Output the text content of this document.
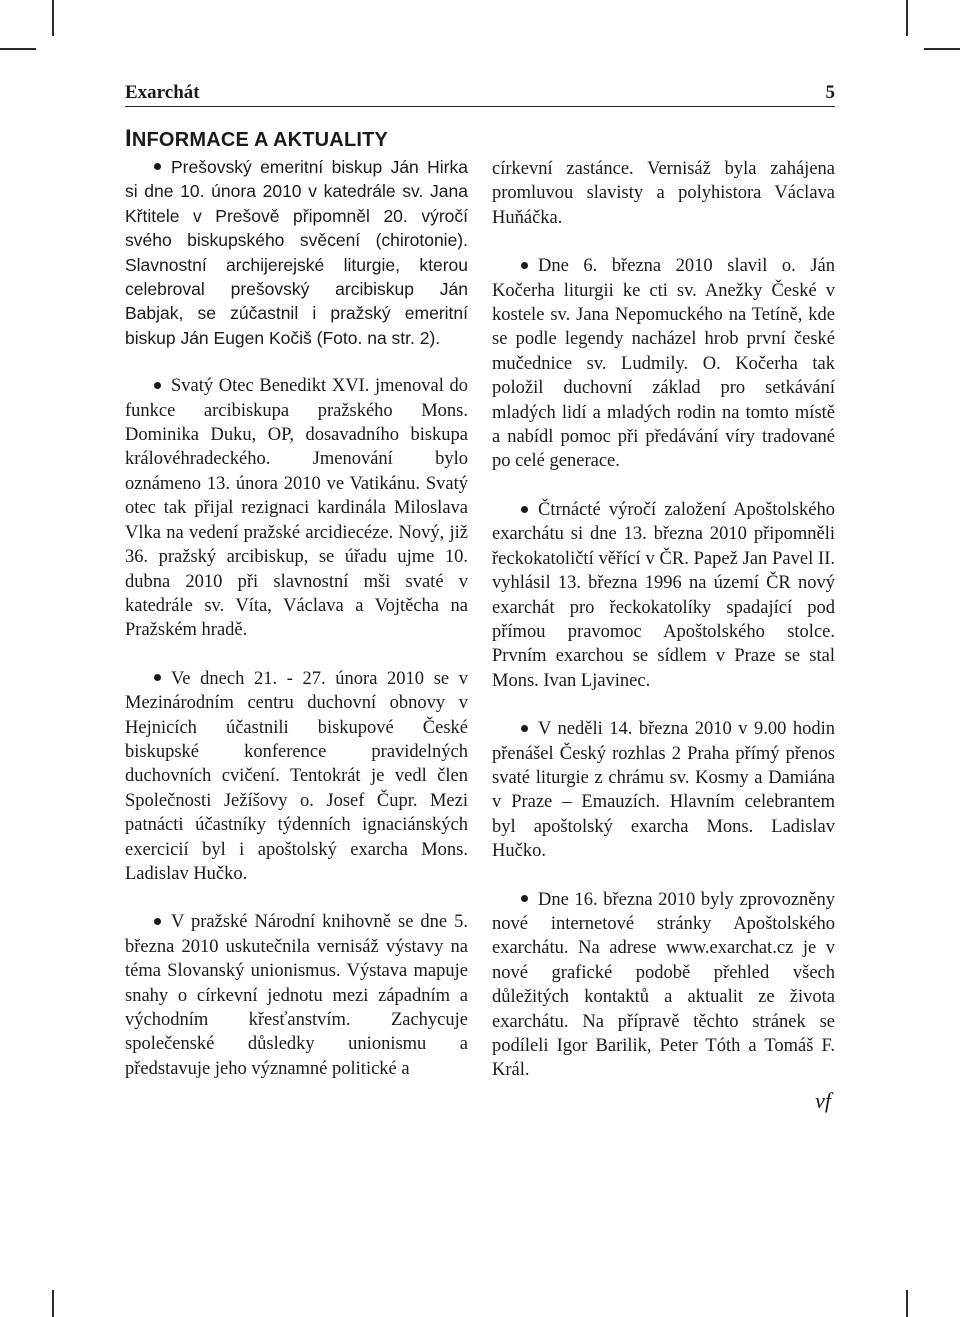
Exarchát	5
INFORMACE A AKTUALITY
Prešovský emeritní biskup Ján Hirka si dne 10. února 2010 v katedrále sv. Jana Křtitele v Prešově připomněl 20. výročí svého biskupského svěcení (chirotonie). Slavnostní archijerejské liturgie, kterou celebroval prešovský arcibiskup Ján Babjak, se zúčastnil i pražský emeritní biskup Ján Eugen Kočiš (Foto. na str. 2).
Svatý Otec Benedikt XVI. jmenoval do funkce arcibiskupa pražského Mons. Dominika Duku, OP, dosavadního biskupa královéhradeckého. Jmenování bylo oznámeno 13. února 2010 ve Vatikánu. Svatý otec tak přijal rezignaci kardinála Miloslava Vlka na vedení pražské arcidiecéze. Nový, již 36. pražský arcibiskup, se úřadu ujme 10. dubna 2010 při slavnostní mši svaté v katedrále sv. Víta, Václava a Vojtěcha na Pražském hradě.
Ve dnech 21. - 27. února 2010 se v Mezinárodním centru duchovní obnovy v Hejnicích účastnili biskupové České biskupské konference pravidelných duchovních cvičení. Tentokrát je vedl člen Společnosti Ježíšovy o. Josef Čupr. Mezi patnácti účastníky týdenních ignaciánských exercicií byl i apoštolský exarcha Mons. Ladislav Hučko.
V pražské Národní knihovně se dne 5. března 2010 uskutečnila vernisáž výstavy na téma Slovanský unionismus. Výstava mapuje snahy o církevní jednotu mezi západním a východním křesťanstvím. Zachycuje společenské důsledky unionismu a představuje jeho významné politické a
církevní zastánce. Vernisáž byla zahájena promluvou slavisty a polyhistora Václava Huňáčka.
Dne 6. března 2010 slavil o. Ján Kočerha liturgii ke cti sv. Anežky České v kostele sv. Jana Nepomuckého na Tetíně, kde se podle legendy nacházel hrob první české mučednice sv. Ludmily. O. Kočerha tak položil duchovní základ pro setkávání mladých lidí a mladých rodin na tomto místě a nabídl pomoc při předávání víry tradované po celé generace.
Čtrnácté výročí založení Apoštolského exarchátu si dne 13. března 2010 připomněli řeckokatoličtí věřící v ČR. Papež Jan Pavel II. vyhlásil 13. března 1996 na území ČR nový exarchát pro řeckokatolíky spadající pod přímou pravomoc Apoštolského stolce. Prvním exarchou se sídlem v Praze se stal Mons. Ivan Ljavinec.
V neděli 14. března 2010 v 9.00 hodin přenášel Český rozhlas 2 Praha přímý přenos svaté liturgie z chrámu sv. Kosmy a Damiána v Praze – Emauzích. Hlavním celebrantem byl apoštolský exarcha Mons. Ladislav Hučko.
Dne 16. března 2010 byly zprovozněny nové internetové stránky Apoštolského exarchátu. Na adrese www.exarchat.cz je v nové grafické podobě přehled všech důležitých kontaktů a aktualit ze života exarchátu. Na přípravě těchto stránek se podíleli Igor Barilik, Peter Tóth a Tomáš F. Král.
vf
